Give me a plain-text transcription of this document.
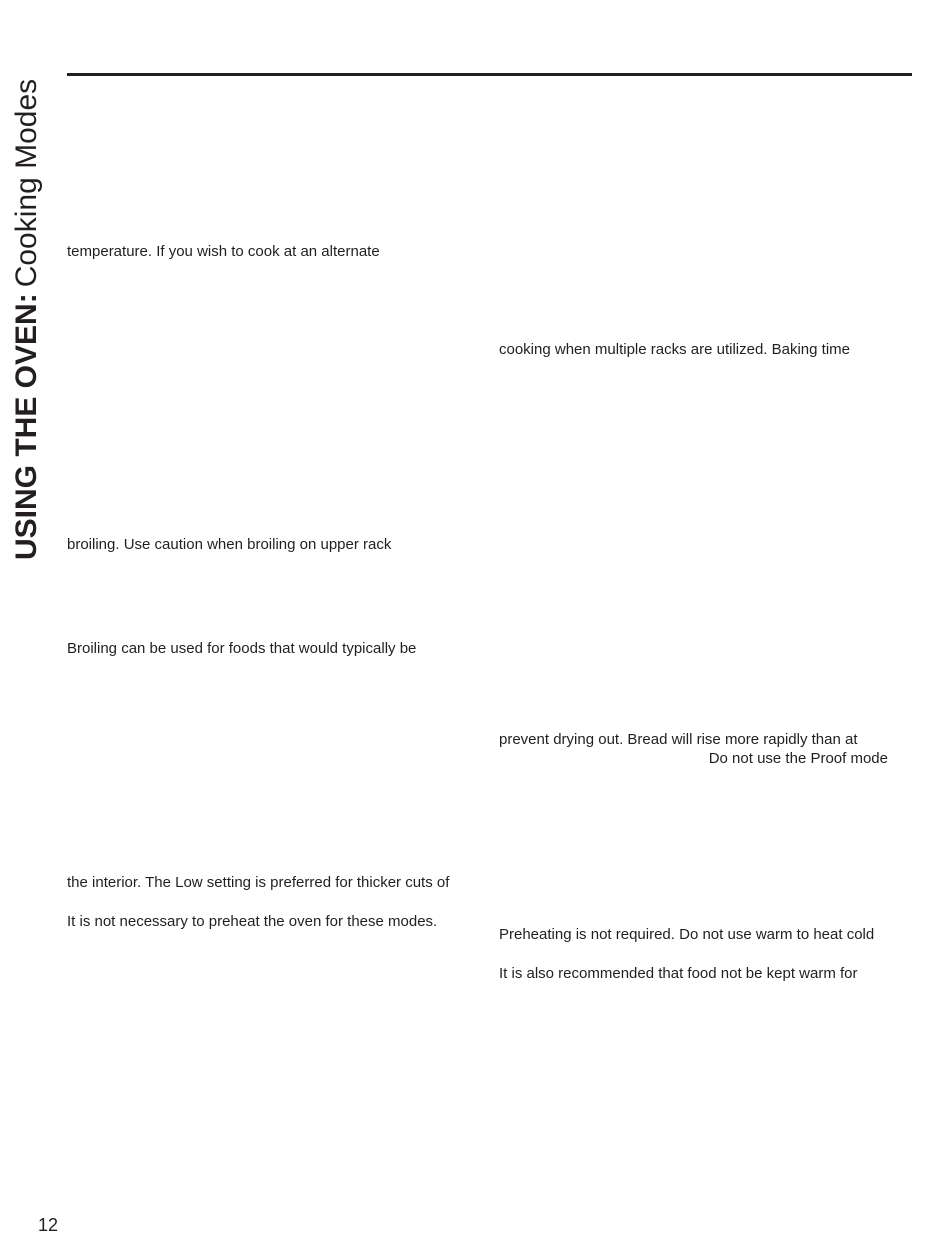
USING THE OVEN:Cooking Modes temperature. If you wish to cook at an alternate
broiling. Use caution when broiling on upper rack
Broiling can be used for foods that would typically be
the interior. The Low setting is preferred for thicker cuts of
It is not necessary to preheat the oven for these modes.
cooking when multiple racks are utilized. Baking time
prevent drying out. Bread will rise more rapidly than at
Do not use the Proof mode
Preheating is not required. Do not use warm to heat cold
It is also recommended that food not be kept warm for
12
